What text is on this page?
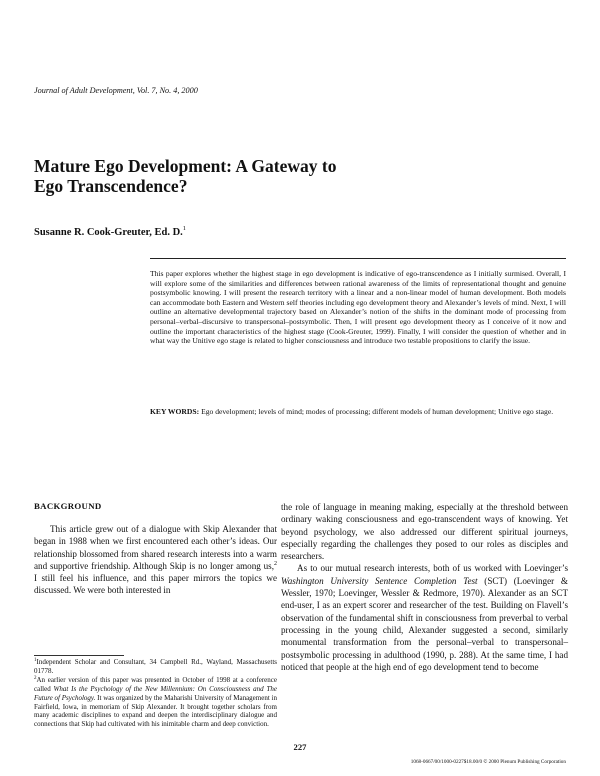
Journal of Adult Development, Vol. 7, No. 4, 2000
Mature Ego Development: A Gateway to
Ego Transcendence?
Susanne R. Cook-Greuter, Ed. D.$^1$
This paper explores whether the highest stage in ego development is indicative of ego-transcendence as I initially surmised. Overall, I will explore some of the similarities and differences between rational awareness of the limits of representational thought and genuine postsymbolic knowing. I will present the research territory with a linear and a non-linear model of human development. Both models can accommodate both Eastern and Western self theories including ego development theory and Alexander’s levels of mind. Next, I will outline an alternative developmental trajectory based on Alexander’s notion of the shifts in the dominant mode of processing from personal–verbal–discursive to transpersonal–postsymbolic. Then, I will present ego development theory as I conceive of it now and outline the important characteristics of the highest stage (Cook-Greuter, 1999). Finally, I will consider the question of whether and in what way the Unitive ego stage is related to higher consciousness and introduce two testable propositions to clarify the issue.
KEY WORDS: Ego development; levels of mind; modes of processing; different models of human development; Unitive ego stage.
BACKGROUND

This article grew out of a dialogue with Skip Alexander that began in 1988 when we first encountered each other’s ideas. Our relationship blossomed from shared research interests into a warm and supportive friendship. Although Skip is no longer among us,$^2$ I still feel his influence, and this paper mirrors the topics we discussed. We were both interested in

the role of language in meaning making, especially at the threshold between ordinary waking consciousness and ego-transcendent ways of knowing. Yet beyond psychology, we also addressed our different spiritual journeys, especially regarding the challenges they posed to our roles as disciples and researchers.

As to our mutual research interests, both of us worked with Loevinger’s Washington University Sentence Completion Test (SCT) (Loevinger & Wessler, 1970; Loevinger, Wessler & Redmore, 1970). Alexander as an SCT end-user, I as an expert scorer and researcher of the test. Building on Flavell’s observation of the fundamental shift in consciousness from preverbal to verbal processing in the young child, Alexander suggested a second, similarly monumental transformation from the personal–verbal to transpersonal–postsymbolic processing in adulthood (1990, p. 288). At the same time, I had noticed that people at the high end of ego development tend to become

$^1$Independent Scholar and Consultant, 34 Campbell Rd., Wayland, Massachusetts 01778.

$^2$An earlier version of this paper was presented in October of 1998 at a conference called What Is the Psychology of the New Millennium: On Consciousness and The Future of Psychology. It was organized by the Maharishi University of Management in Fairfield, Iowa, in memoriam of Skip Alexander. It brought together scholars from many academic disciplines to expand and deepen the interdisciplinary dialogue and connections that Skip had cultivated with his inimitable charm and deep conviction.

227
1068-0667/00/1000-0227$18.00/0 © 2000 Plenum Publishing Corporation
